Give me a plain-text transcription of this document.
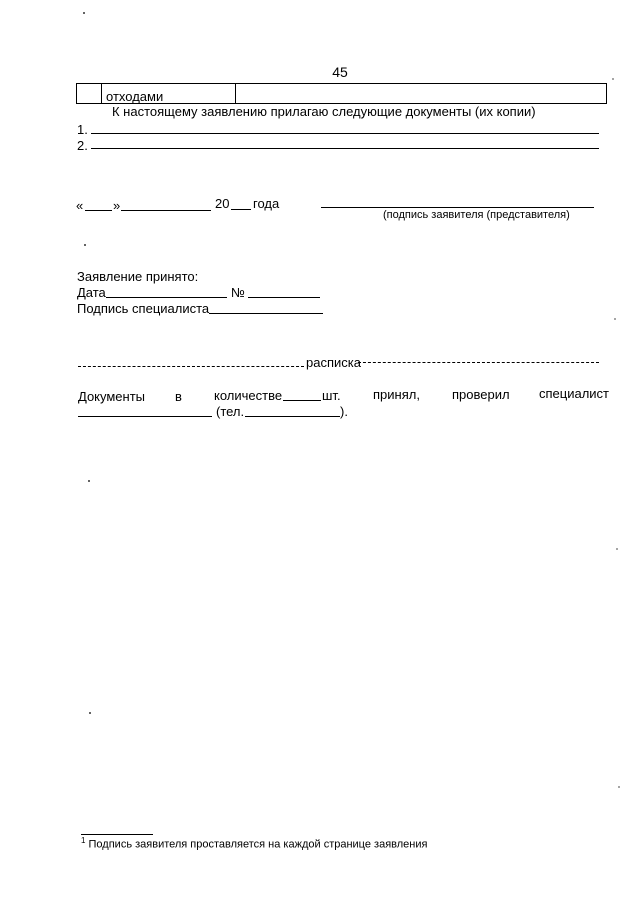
45
отходами
К настоящему заявлению прилагаю следующие документы (их копии)
1.
2.
« »	20 года
(подпись заявителя (представителя)
Заявление принято:
Дата	№
Подпись специалиста
расписка
Документы в количестве	шт. принял, проверил специалист
(тел.	).
$^1$ Подпись заявителя проставляется на каждой странице заявления
